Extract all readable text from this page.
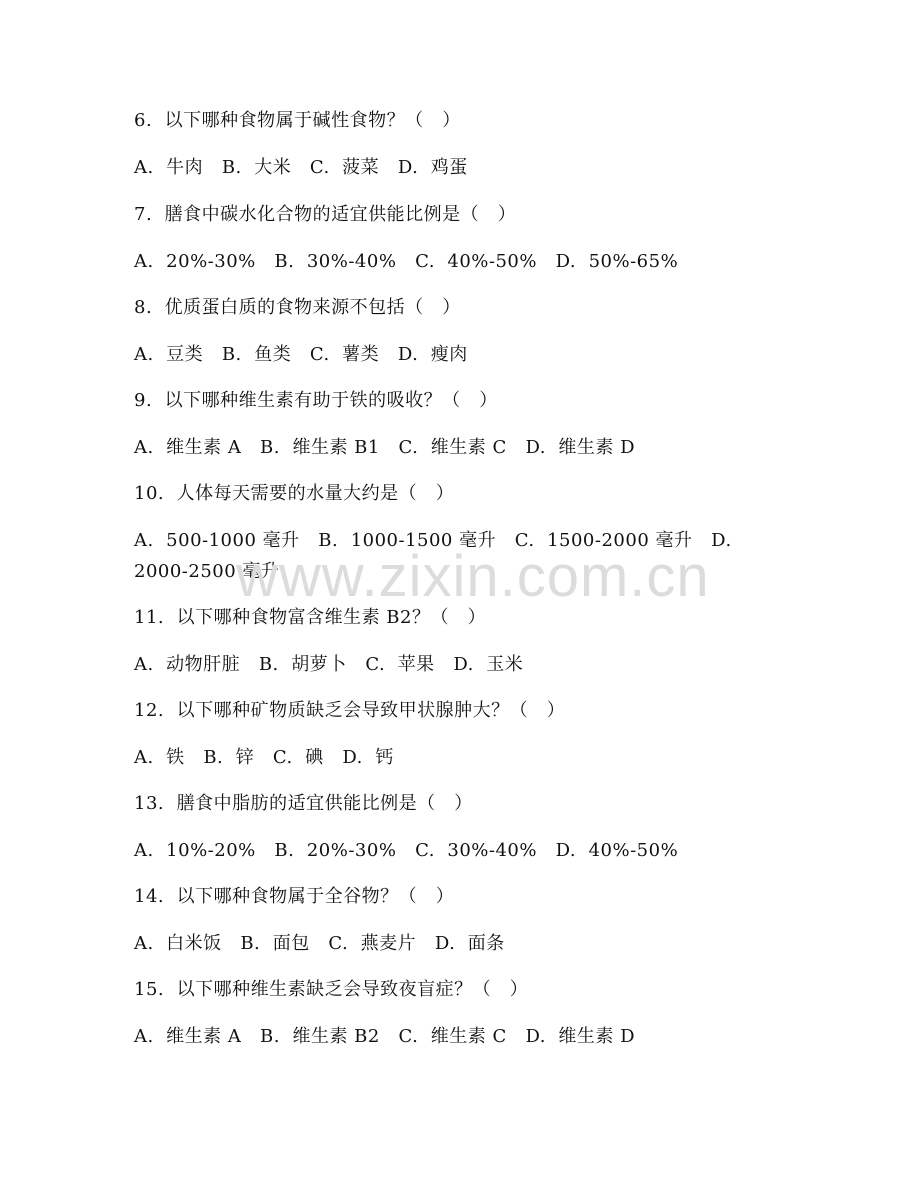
6.  以下哪种食物属于碱性食物？（   ）
A.  牛肉   B.  大米   C.  菠菜   D.  鸡蛋
7.  膳食中碳水化合物的适宜供能比例是（   ）
A.  20%-30%   B.  30%-40%   C.  40%-50%   D.  50%-65%
8.  优质蛋白质的食物来源不包括（   ）
A.  豆类   B.  鱼类   C.  薯类   D.  瘦肉
9.  以下哪种维生素有助于铁的吸收？（   ）
A.  维生素 A   B.  维生素 B1   C.  维生素 C   D.  维生素 D
10.  人体每天需要的水量大约是（   ）
A.  500-1000 毫升   B.  1000-1500 毫升   C.  1500-2000 毫升   D.
2000-2500 毫升
11.  以下哪种食物富含维生素 B2？（   ）
A.  动物肝脏   B.  胡萝卜   C.  苹果   D.  玉米
12.  以下哪种矿物质缺乏会导致甲状腺肿大？（   ）
A.  铁   B.  锌   C.  碘   D.  钙
13.  膳食中脂肪的适宜供能比例是（   ）
A.  10%-20%   B.  20%-30%   C.  30%-40%   D.  40%-50%
14.  以下哪种食物属于全谷物？（   ）
A.  白米饭   B.  面包   C.  燕麦片   D.  面条
15.  以下哪种维生素缺乏会导致夜盲症？（   ）
A.  维生素 A   B.  维生素 B2   C.  维生素 C   D.  维生素 D
www.zixin.com.cn
